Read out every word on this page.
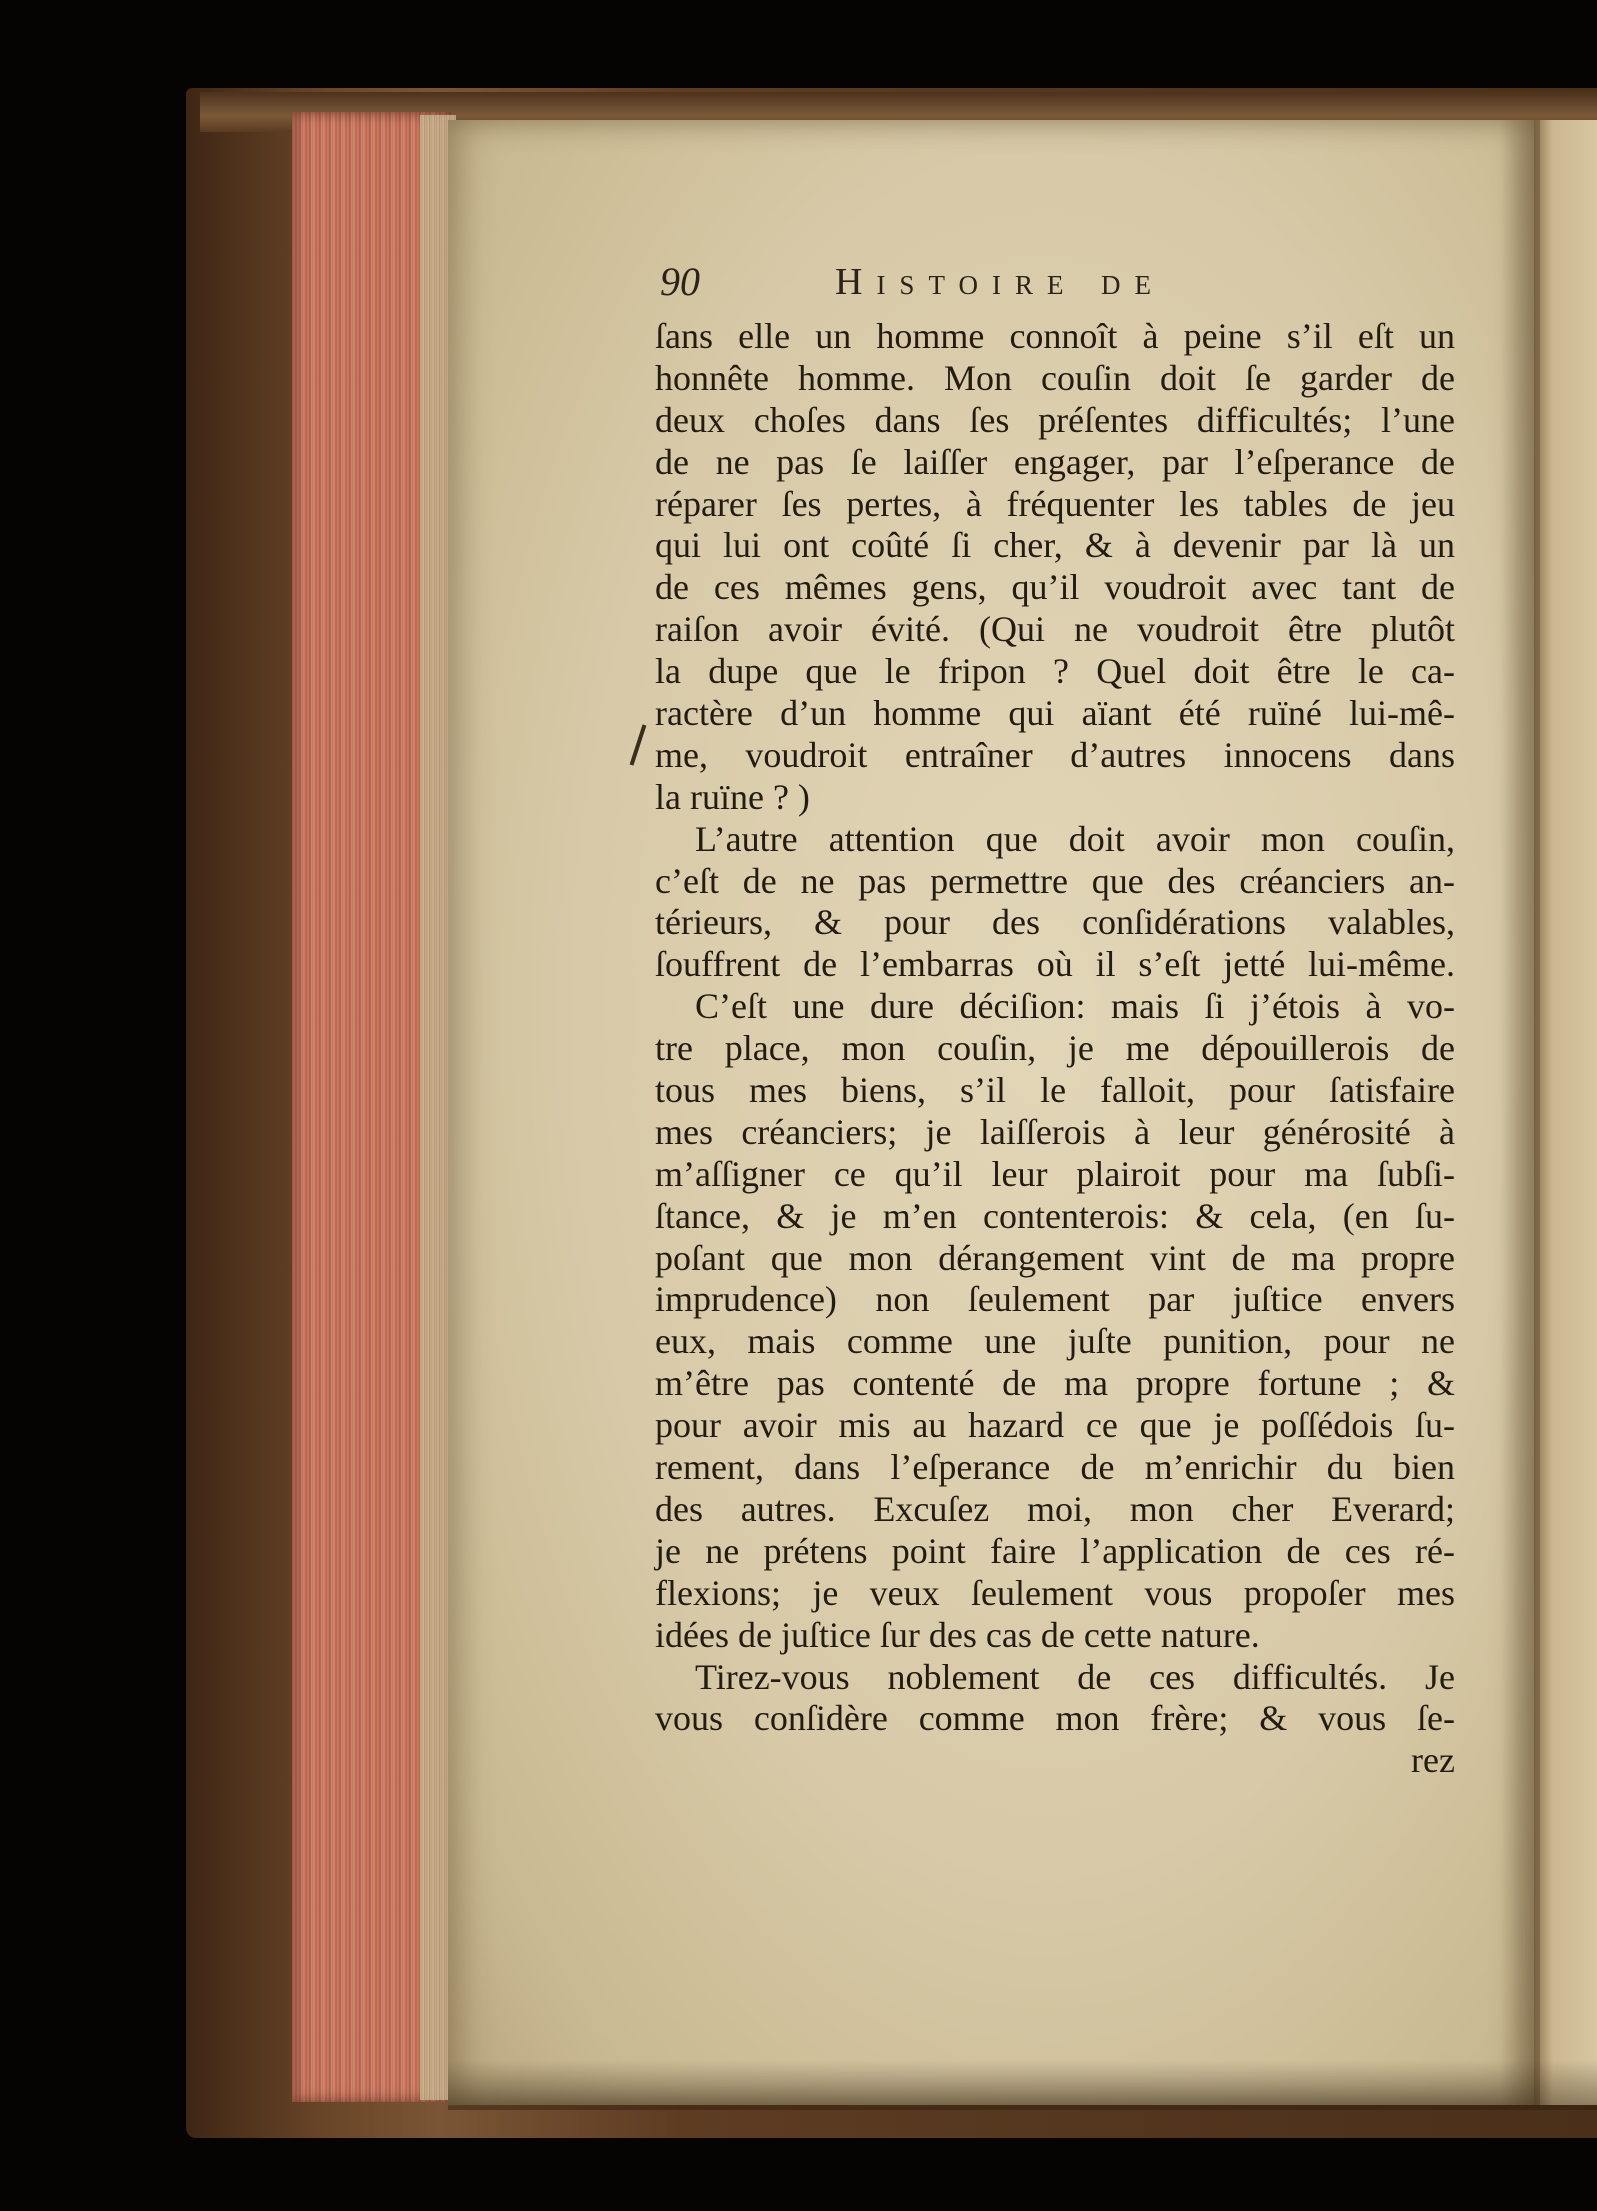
90	Histoire de
ſans elle un homme connoît à peine s’il eſt un
honnête homme. Mon couſin doit ſe garder de
deux choſes dans ſes préſentes difficultés; l’une
de ne pas ſe laiſſer engager, par l’eſperance de
réparer ſes pertes, à fréquenter les tables de jeu
qui lui ont coûté ſi cher, & à devenir par là un
de ces mêmes gens, qu’il voudroit avec tant de
raiſon avoir évité. (Qui ne voudroit être plutôt
la dupe que le fripon ? Quel doit être le ca-
ractère d’un homme qui aïant été ruïné lui-mê-
me, voudroit entraîner d’autres innocens dans
la ruïne ? )
L’autre attention que doit avoir mon couſin,
c’eſt de ne pas permettre que des créanciers an-
térieurs, & pour des conſidérations valables,
ſouffrent de l’embarras où il s’eſt jetté lui-même.
C’eſt une dure déciſion: mais ſi j’étois à vo-
tre place, mon couſin, je me dépouillerois de
tous mes biens, s’il le falloit, pour ſatisfaire
mes créanciers; je laiſſerois à leur générosité à
m’aſſigner ce qu’il leur plairoit pour ma ſubſi-
ſtance, & je m’en contenterois: & cela, (en ſu-
poſant que mon dérangement vint de ma propre
imprudence) non ſeulement par juſtice envers
eux, mais comme une juſte punition, pour ne
m’être pas contenté de ma propre fortune ; &
pour avoir mis au hazard ce que je poſſédois ſu-
rement, dans l’eſperance de m’enrichir du bien
des autres. Excuſez moi, mon cher Everard;
je ne prétens point faire l’application de ces ré-
flexions; je veux ſeulement vous propoſer mes
idées de juſtice ſur des cas de cette nature.
Tirez-vous noblement de ces difficultés. Je
vous conſidère comme mon frère; & vous ſe-
rez
